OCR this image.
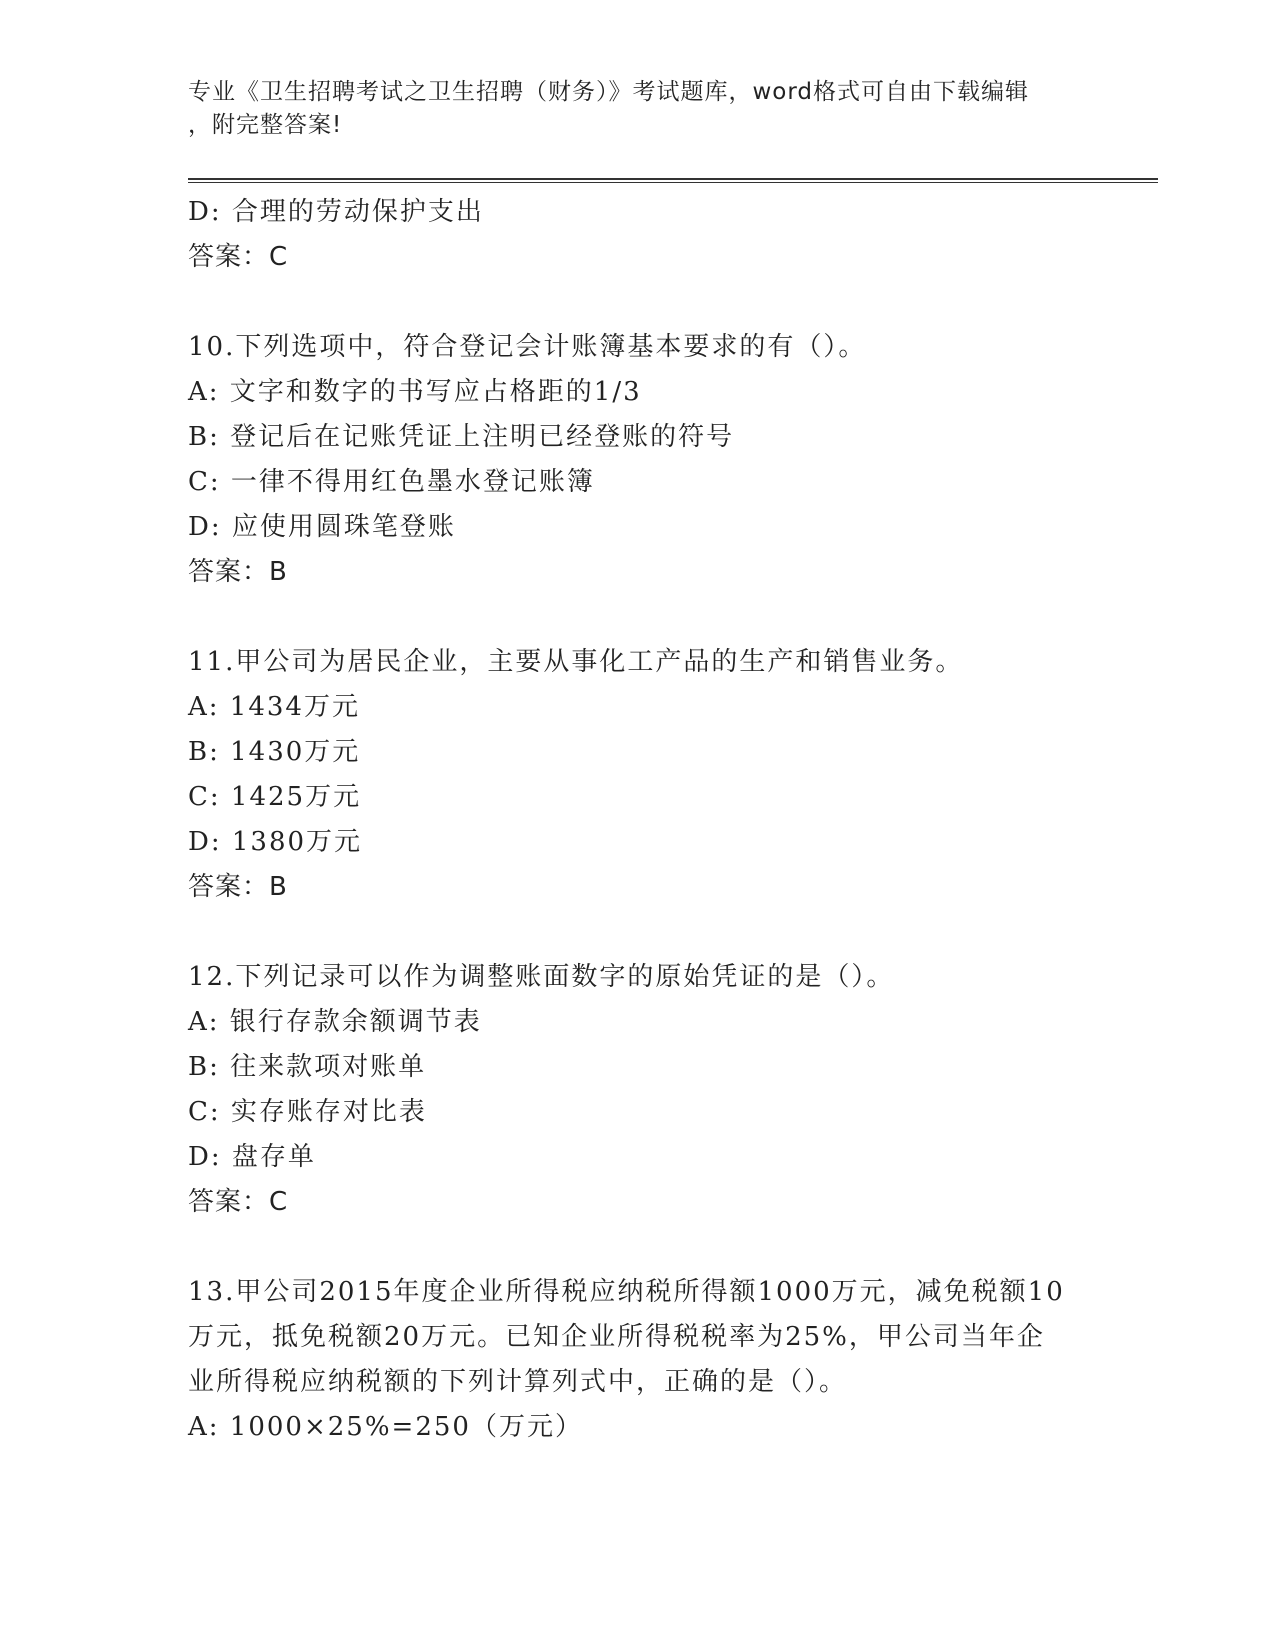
专业《卫生招聘考试之卫生招聘（财务）》考试题库，word格式可自由下载编辑
，附完整答案!
D: 合理的劳动保护支出
答案：C
10.下列选项中，符合登记会计账簿基本要求的有（）。
A: 文字和数字的书写应占格距的1/3
B: 登记后在记账凭证上注明已经登账的符号
C: 一律不得用红色墨水登记账簿
D: 应使用圆珠笔登账
答案：B
11.甲公司为居民企业，主要从事化工产品的生产和销售业务。
A: 1434万元
B: 1430万元
C: 1425万元
D: 1380万元
答案：B
12.下列记录可以作为调整账面数字的原始凭证的是（）。
A: 银行存款余额调节表
B: 往来款项对账单
C: 实存账存对比表
D: 盘存单
答案：C
13.甲公司2015年度企业所得税应纳税所得额1000万元，减免税额10
万元，抵免税额20万元。已知企业所得税税率为25%，甲公司当年企
业所得税应纳税额的下列计算列式中，正确的是（）。
A: 1000×25%=250（万元）
